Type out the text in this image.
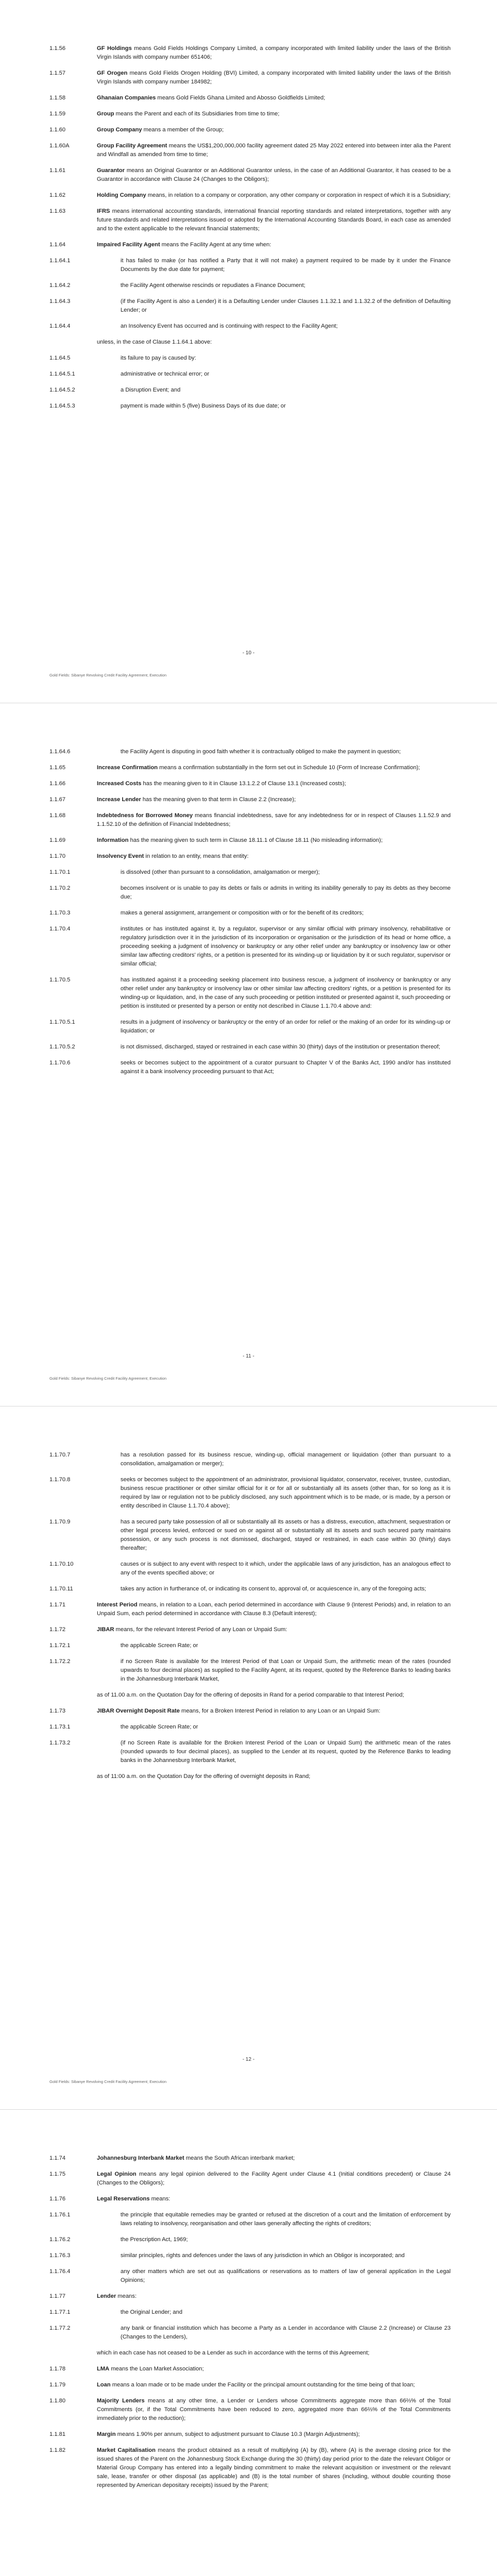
1.1.56	GF Holdings means Gold Fields Holdings Company Limited, a company incorporated with limited liability under the laws of the British Virgin Islands with company number 651406;
1.1.57	GF Orogen means Gold Fields Orogen Holding (BVI) Limited, a company incorporated with limited liability under the laws of the British Virgin Islands with company number 184982;
1.1.58	Ghanaian Companies means Gold Fields Ghana Limited and Abosso Goldfields Limited;
1.1.59	Group means the Parent and each of its Subsidiaries from time to time;
1.1.60	Group Company means a member of the Group;
1.1.60A	Group Facility Agreement means the US$1,200,000,000 facility agreement dated 25 May 2022 entered into between inter alia the Parent and Windfall as amended from time to time;
1.1.61	Guarantor means an Original Guarantor or an Additional Guarantor unless, in the case of an Additional Guarantor, it has ceased to be a Guarantor in accordance with Clause 24 (Changes to the Obligors);
1.1.62	Holding Company means, in relation to a company or corporation, any other company or corporation in respect of which it is a Subsidiary;
1.1.63	IFRS means international accounting standards, international financial reporting standards and related interpretations, together with any future standards and related interpretations issued or adopted by the International Accounting Standards Board, in each case as amended and to the extent applicable to the relevant financial statements;
1.1.64	Impaired Facility Agent means the Facility Agent at any time when:
1.1.64.1	it has failed to make (or has notified a Party that it will not make) a payment required to be made by it under the Finance Documents by the due date for payment;
1.1.64.2	the Facility Agent otherwise rescinds or repudiates a Finance Document;
1.1.64.3	(if the Facility Agent is also a Lender) it is a Defaulting Lender under Clauses 1.1.32.1 and 1.1.32.2 of the definition of Defaulting Lender; or
1.1.64.4	an Insolvency Event has occurred and is continuing with respect to the Facility Agent;
unless, in the case of Clause 1.1.64.1 above:
1.1.64.5	its failure to pay is caused by:
1.1.64.5.1	administrative or technical error; or
1.1.64.5.2	a Disruption Event; and
1.1.64.5.3	payment is made within 5 (five) Business Days of its due date; or
- 10 -
Gold Fields: Sibanye Revolving Credit Facility Agreement; Execution
1.1.64.6	the Facility Agent is disputing in good faith whether it is contractually obliged to make the payment in question;
1.1.65	Increase Confirmation means a confirmation substantially in the form set out in Schedule 10 (Form of Increase Confirmation);
1.1.66	Increased Costs has the meaning given to it in Clause 13.1.2.2 of Clause 13.1 (Increased costs);
1.1.67	Increase Lender has the meaning given to that term in Clause 2.2 (Increase);
1.1.68	Indebtedness for Borrowed Money means financial indebtedness, save for any indebtedness for or in respect of Clauses 1.1.52.9 and 1.1.52.10 of the definition of Financial Indebtedness;
1.1.69	Information has the meaning given to such term in Clause 18.11.1 of Clause 18.11 (No misleading information);
1.1.70	Insolvency Event in relation to an entity, means that entity:
1.1.70.1	is dissolved (other than pursuant to a consolidation, amalgamation or merger);
1.1.70.2	becomes insolvent or is unable to pay its debts or fails or admits in writing its inability generally to pay its debts as they become due;
1.1.70.3	makes a general assignment, arrangement or composition with or for the benefit of its creditors;
1.1.70.4	institutes or has instituted against it, by a regulator, supervisor or any similar official with primary insolvency, rehabilitative or regulatory jurisdiction over it in the jurisdiction of its incorporation or organisation or the jurisdiction of its head or home office, a proceeding seeking a judgment of insolvency or bankruptcy or any other relief under any bankruptcy or insolvency law or other similar law affecting creditors' rights, or a petition is presented for its winding-up or liquidation by it or such regulator, supervisor or similar official;
1.1.70.5	has instituted against it a proceeding seeking placement into business rescue, a judgment of insolvency or bankruptcy or any other relief under any bankruptcy or insolvency law or other similar law affecting creditors' rights, or a petition is presented for its winding-up or liquidation, and, in the case of any such proceeding or petition instituted or presented against it, such proceeding or petition is instituted or presented by a person or entity not described in Clause 1.1.70.4 above and:
1.1.70.5.1	results in a judgment of insolvency or bankruptcy or the entry of an order for relief or the making of an order for its winding-up or liquidation; or
1.1.70.5.2	is not dismissed, discharged, stayed or restrained in each case within 30 (thirty) days of the institution or presentation thereof;
1.1.70.6	seeks or becomes subject to the appointment of a curator pursuant to Chapter V of the Banks Act, 1990 and/or has instituted against it a bank insolvency proceeding pursuant to that Act;
- 11 -
Gold Fields: Sibanye Revolving Credit Facility Agreement; Execution
1.1.70.7	has a resolution passed for its business rescue, winding-up, official management or liquidation (other than pursuant to a consolidation, amalgamation or merger);
1.1.70.8	seeks or becomes subject to the appointment of an administrator, provisional liquidator, conservator, receiver, trustee, custodian, business rescue practitioner or other similar official for it or for all or substantially all its assets (other than, for so long as it is required by law or regulation not to be publicly disclosed, any such appointment which is to be made, or is made, by a person or entity described in Clause 1.1.70.4 above);
1.1.70.9	has a secured party take possession of all or substantially all its assets or has a distress, execution, attachment, sequestration or other legal process levied, enforced or sued on or against all or substantially all its assets and such secured party maintains possession, or any such process is not dismissed, discharged, stayed or restrained, in each case within 30 (thirty) days thereafter;
1.1.70.10	causes or is subject to any event with respect to it which, under the applicable laws of any jurisdiction, has an analogous effect to any of the events specified above; or
1.1.70.11	takes any action in furtherance of, or indicating its consent to, approval of, or acquiescence in, any of the foregoing acts;
1.1.71	Interest Period means, in relation to a Loan, each period determined in accordance with Clause 9 (Interest Periods) and, in relation to an Unpaid Sum, each period determined in accordance with Clause 8.3 (Default interest);
1.1.72	JIBAR means, for the relevant Interest Period of any Loan or Unpaid Sum:
1.1.72.1	the applicable Screen Rate; or
1.1.72.2	if no Screen Rate is available for the Interest Period of that Loan or Unpaid Sum, the arithmetic mean of the rates (rounded upwards to four decimal places) as supplied to the Facility Agent, at its request, quoted by the Reference Banks to leading banks in the Johannesburg Interbank Market,
as of 11.00 a.m. on the Quotation Day for the offering of deposits in Rand for a period comparable to that Interest Period;
1.1.73	JIBAR Overnight Deposit Rate means, for a Broken Interest Period in relation to any Loan or an Unpaid Sum:
1.1.73.1	the applicable Screen Rate; or
1.1.73.2	(if no Screen Rate is available for the Broken Interest Period of the Loan or Unpaid Sum) the arithmetic mean of the rates (rounded upwards to four decimal places), as supplied to the Lender at its request, quoted by the Reference Banks to leading banks in the Johannesburg Interbank Market,
as of 11:00 a.m. on the Quotation Day for the offering of overnight deposits in Rand;
- 12 -
Gold Fields: Sibanye Revolving Credit Facility Agreement; Execution
1.1.74	Johannesburg Interbank Market means the South African interbank market;
1.1.75	Legal Opinion means any legal opinion delivered to the Facility Agent under Clause 4.1 (Initial conditions precedent) or Clause 24 (Changes to the Obligors);
1.1.76	Legal Reservations means:
1.1.76.1	the principle that equitable remedies may be granted or refused at the discretion of a court and the limitation of enforcement by laws relating to insolvency, reorganisation and other laws generally affecting the rights of creditors;
1.1.76.2	the Prescription Act, 1969;
1.1.76.3	similar principles, rights and defences under the laws of any jurisdiction in which an Obligor is incorporated; and
1.1.76.4	any other matters which are set out as qualifications or reservations as to matters of law of general application in the Legal Opinions;
1.1.77	Lender means:
1.1.77.1	the Original Lender; and
1.1.77.2	any bank or financial institution which has become a Party as a Lender in accordance with Clause 2.2 (Increase) or Clause 23 (Changes to the Lenders),
which in each case has not ceased to be a Lender as such in accordance with the terms of this Agreement;
1.1.78	LMA means the Loan Market Association;
1.1.79	Loan means a loan made or to be made under the Facility or the principal amount outstanding for the time being of that loan;
1.1.80	Majority Lenders means at any other time, a Lender or Lenders whose Commitments aggregate more than 66⅔% of the Total Commitments (or, if the Total Commitments have been reduced to zero, aggregated more than 66⅔% of the Total Commitments immediately prior to the reduction);
1.1.81	Margin means 1.90% per annum, subject to adjustment pursuant to Clause 10.3 (Margin Adjustments);
1.1.82	Market Capitalisation means the product obtained as a result of multiplying (A) by (B), where (A) is the average closing price for the issued shares of the Parent on the Johannesburg Stock Exchange during the 30 (thirty) day period prior to the date the relevant Obligor or Material Group Company has entered into a legally binding commitment to make the relevant acquisition or investment or the relevant sale, lease, transfer or other disposal (as applicable) and (B) is the total number of shares (including, without double counting those represented by American depositary receipts) issued by the Parent;
